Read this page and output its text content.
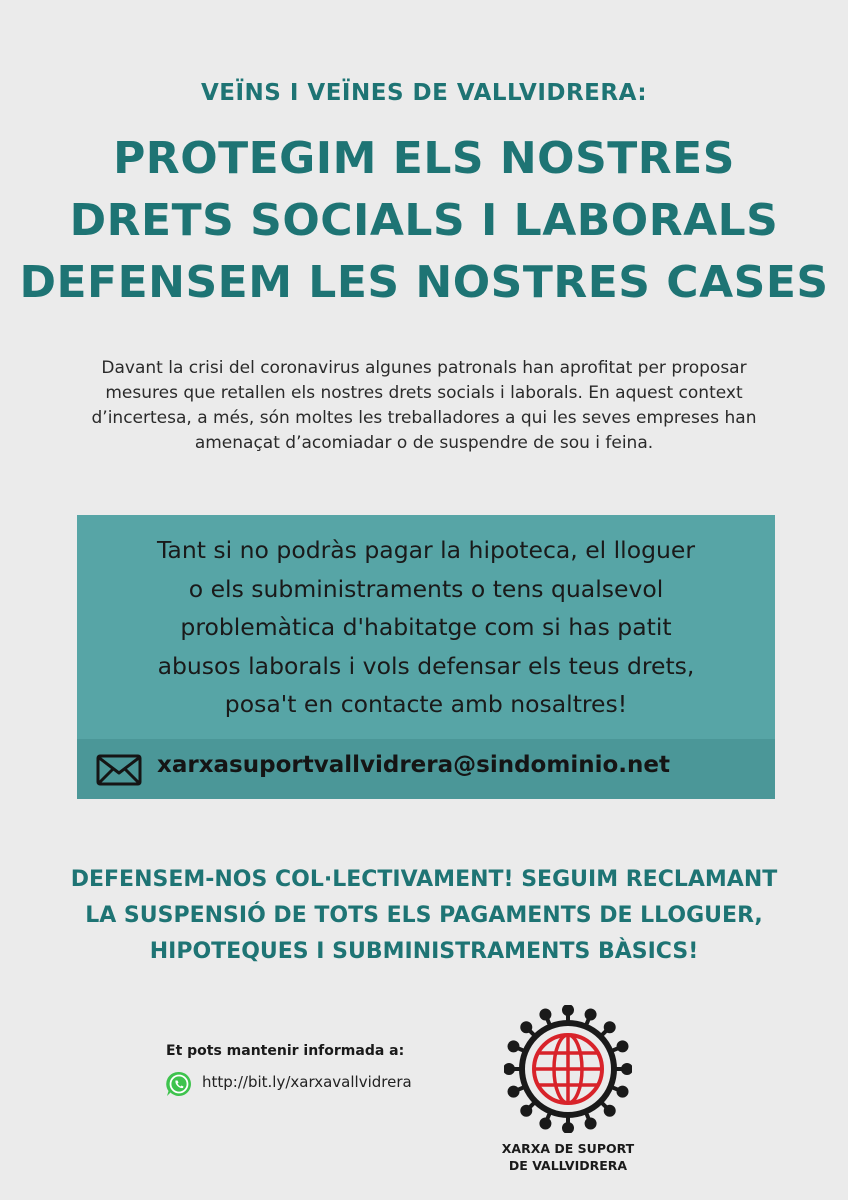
VEÏNS I VEÏNES DE VALLVIDRERA:
PROTEGIM ELS NOSTRES
DRETS SOCIALS I LABORALS
DEFENSEM LES NOSTRES CASES
Davant la crisi del coronavirus algunes patronals han aprofitat per proposar
mesures que retallen els nostres drets socials i laborals. En aquest context
d’incertesa, a més, són moltes les treballadores a qui les seves empreses han
amenaçat d’acomiadar o de suspendre de sou i feina.
Tant si no podràs pagar la hipoteca, el lloguer
o els subministraments o tens qualsevol
problemàtica d'habitatge com si has patit
abusos laborals i vols defensar els teus drets,
posa't en contacte amb nosaltres!
xarxasuportvallvidrera@sindominio.net
DEFENSEM-NOS COL·LECTIVAMENT! SEGUIM RECLAMANT
LA SUSPENSIÓ DE TOTS ELS PAGAMENTS DE LLOGUER,
HIPOTEQUES I SUBMINISTRAMENTS BÀSICS!
Et pots mantenir informada a:
http://bit.ly/xarxavallvidrera
XARXA DE SUPORT
DE VALLVIDRERA
